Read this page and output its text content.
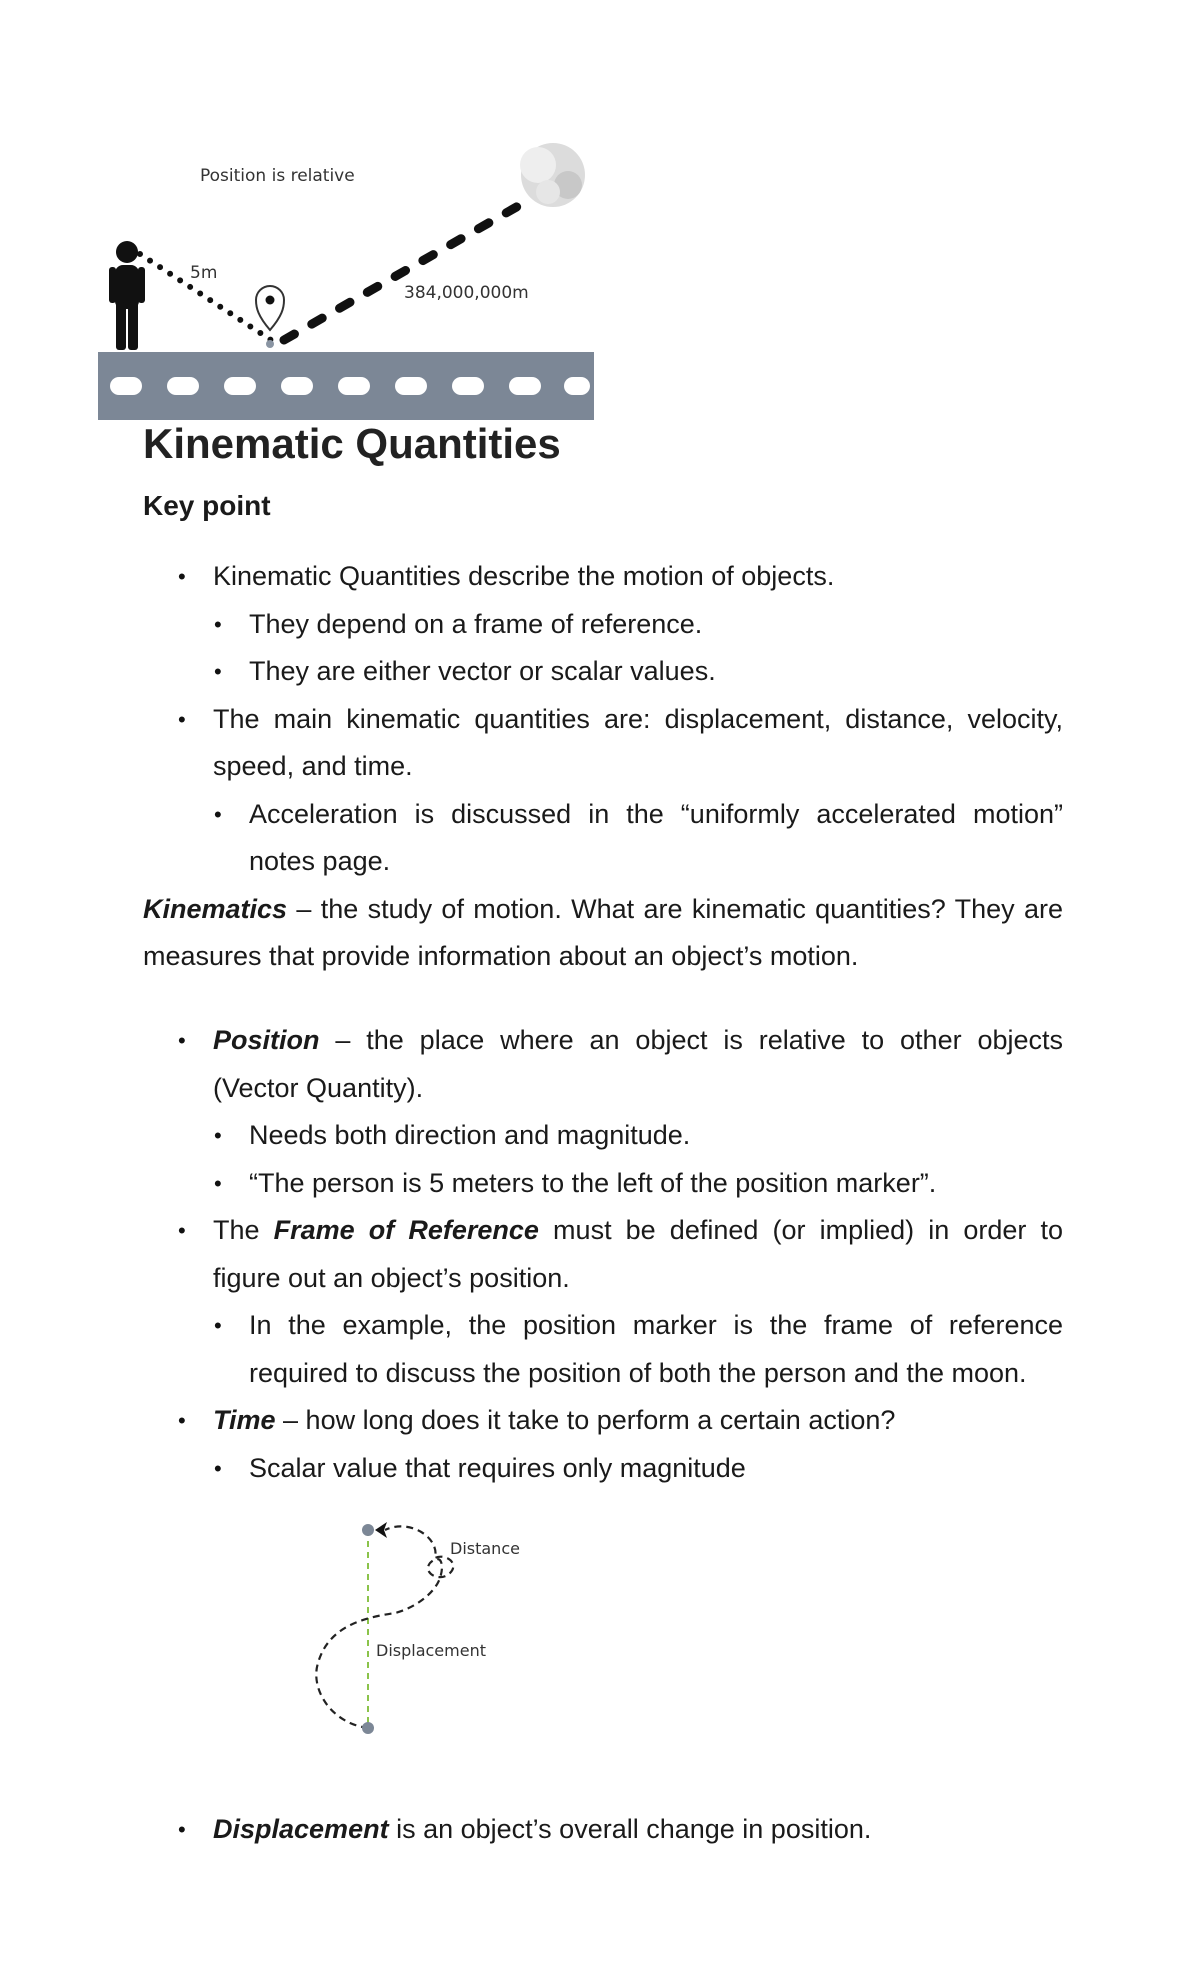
Position is relative
5m
384,000,000m
Kinematic Quantities
Key point
• Kinematic Quantities describe the motion of objects.
• They depend on a frame of reference.
• They are either vector or scalar values.
• The main kinematic quantities are: displacement, distance, velocity, speed, and time.
• Acceleration is discussed in the “uniformly accelerated motion” notes page.

Kinematics – the study of motion. What are kinematic quantities? They are measures that provide information about an object’s motion.

• Position – the place where an object is relative to other objects (Vector Quantity).
• Needs both direction and magnitude.
• “The person is 5 meters to the left of the position marker”.
• The Frame of Reference must be defined (or implied) in order to figure out an object’s position.
• In the example, the position marker is the frame of reference required to discuss the position of both the person and the moon.
• Time – how long does it take to perform a certain action?
• Scalar value that requires only magnitude
Distance
Displacement
• Displacement is an object’s overall change in position.
